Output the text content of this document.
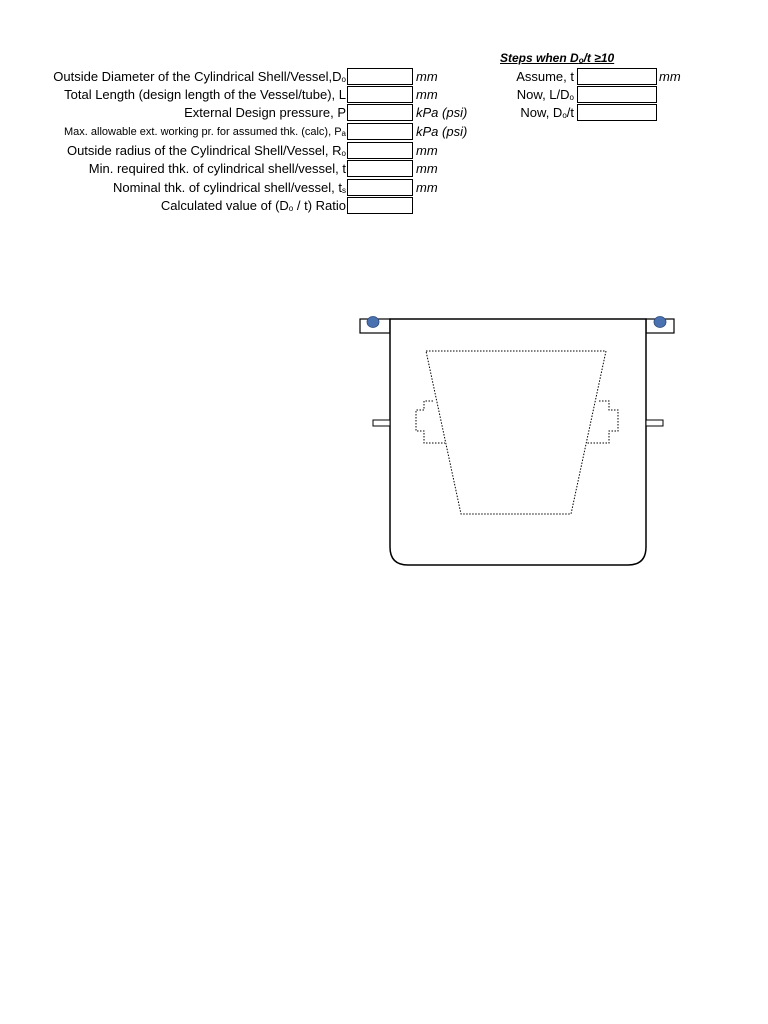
Outside Diameter of the Cylindrical Shell/$Vessel,D_o$
Total Length (design length of the Vessel/tube), L
External Design pressure, P
Max. allowable ext. working pr. for assumed thk. (calc), $P_a$
Outside radius of the Cylindrical Shell/Vessel, $R_o$
Min. required thk. of cylindrical shell/vessel, t
Nominal thk. of cylindrical shell/vessel, $t_s$
Calculated value of $(D_o / t)$ Ratio
mm
mm
kPa (psi)
kPa (psi)
mm
mm
mm
Steps when $D_o/t \ge 10$
Assume, t
Now, $L/D_o$
Now, $D_o/t$
mm
